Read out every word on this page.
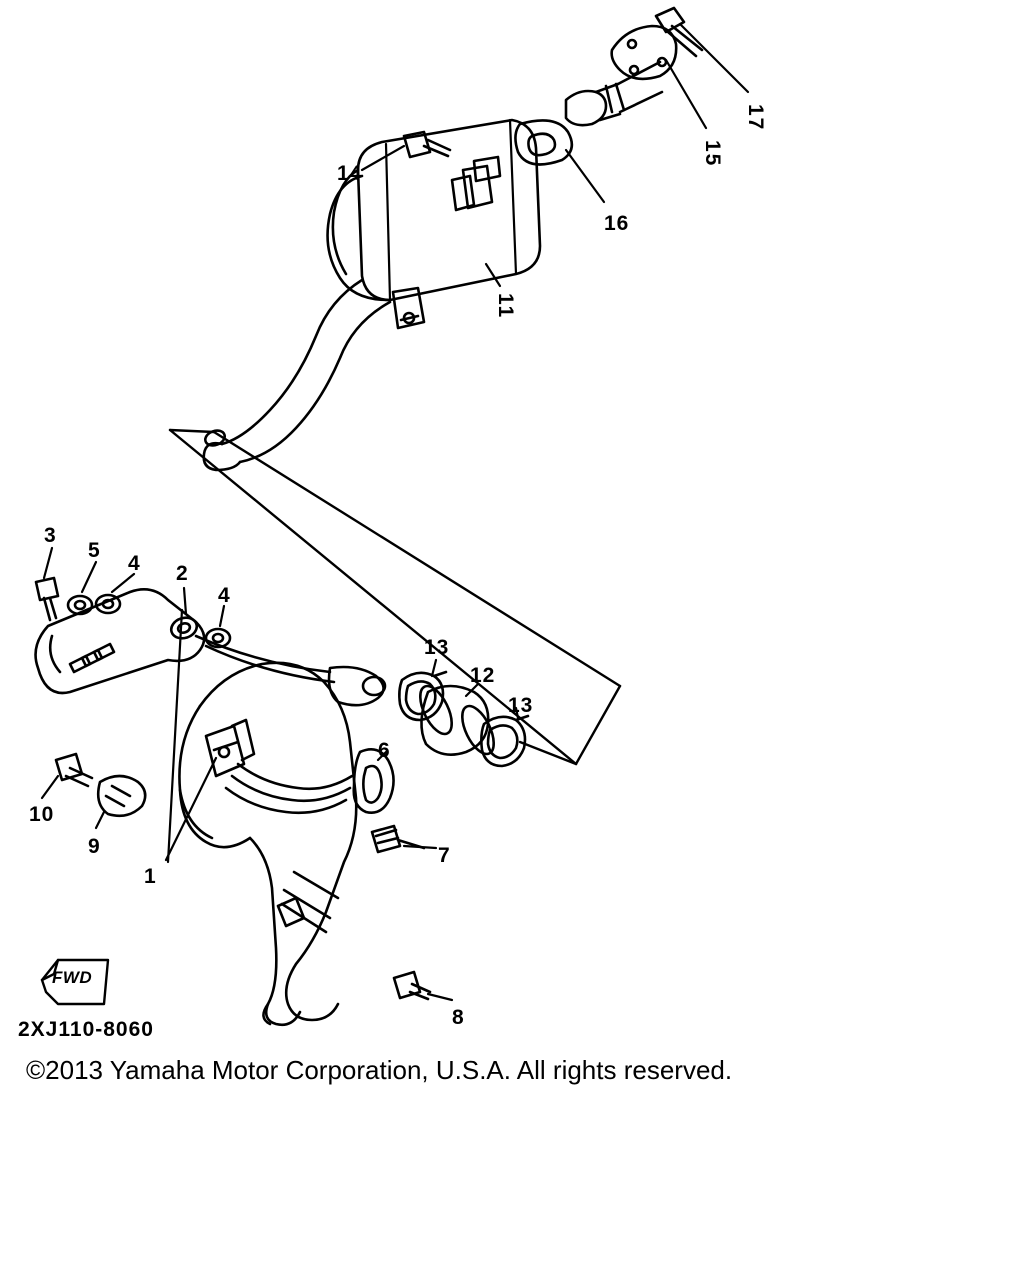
FWD
1
2
3
4
4
5
6
7
8
9
10
11
12
13
13
14
15
16
17
2XJ110-8060
©2013 Yamaha Motor Corporation, U.S.A. All rights reserved.
